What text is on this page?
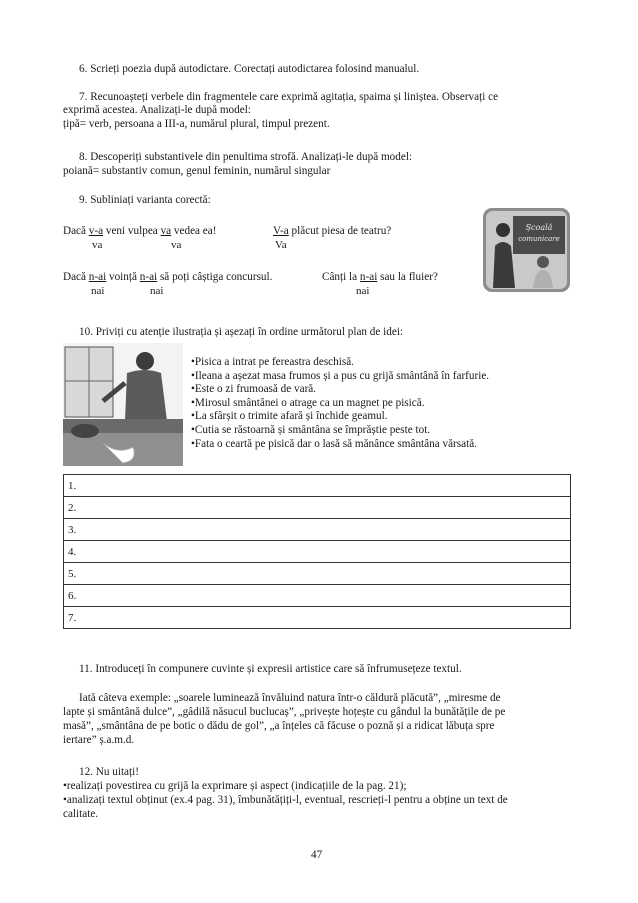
6. Scrieți poezia după autodictare. Corectați autodictarea folosind manualul.
7. Recunoașteți verbele din fragmentele care exprimă agitația, spaima și liniștea. Observați ce
exprimă acestea. Analizați-le după model:
țipă= verb, persoana a III-a, numărul plural, timpul prezent.
8. Descoperiți substantivele din penultima strofă. Analizați-le după model:
poiană= substantiv comun, genul feminin, numărul singular
9. Subliniați varianta corectă:
Dacă v-a veni vulpea va vedea ea!
va	va
V-a plăcut piesa de teatru?
Va
Dacă n-ai voință n-ai să poți câștiga concursul.
nai	nai
Cânți la n-ai sau la fluier?
nai
Școală
comunicare
10. Priviți cu atenție ilustrația și așezați în ordine următorul plan de idei:
•Pisica a intrat pe fereastra deschisă.
•Ileana a așezat masa frumos și a pus cu grijă smântână în farfurie.
•Este o zi frumoasă de vară.
•Mirosul smântânei o atrage ca un magnet pe pisică.
•La sfârșit o trimite afară și închide geamul.
•Cutia se răstoarnă și smântâna se împrăștie peste tot.
•Fata o ceartă pe pisică dar o lasă să mănânce smântâna vărsată.
1.
2.
3.
4.
5.
6.
7.
11. Introduceți în compunere cuvinte și expresii artistice care să înfrumusețeze textul.
Iată câteva exemple: „soarele luminează învăluind natura într-o căldură plăcută”, „miresme de
lapte și smântână dulce”, „gâdilă năsucul buclucaș”, „privește hoțește cu gândul la bunătățile de pe
masă”, „smântâna de pe botic o dădu de gol”, „a înțeles că făcuse o poznă și a ridicat lăbuța spre
iertare” ș.a.m.d.
12. Nu uitați!
•realizați povestirea cu grijă la exprimare și aspect (indicațiile de la pag. 21);
•analizați textul obținut (ex.4 pag. 31), îmbunătățiți-l, eventual, rescrieți-l pentru a obține un text de
calitate.
47
